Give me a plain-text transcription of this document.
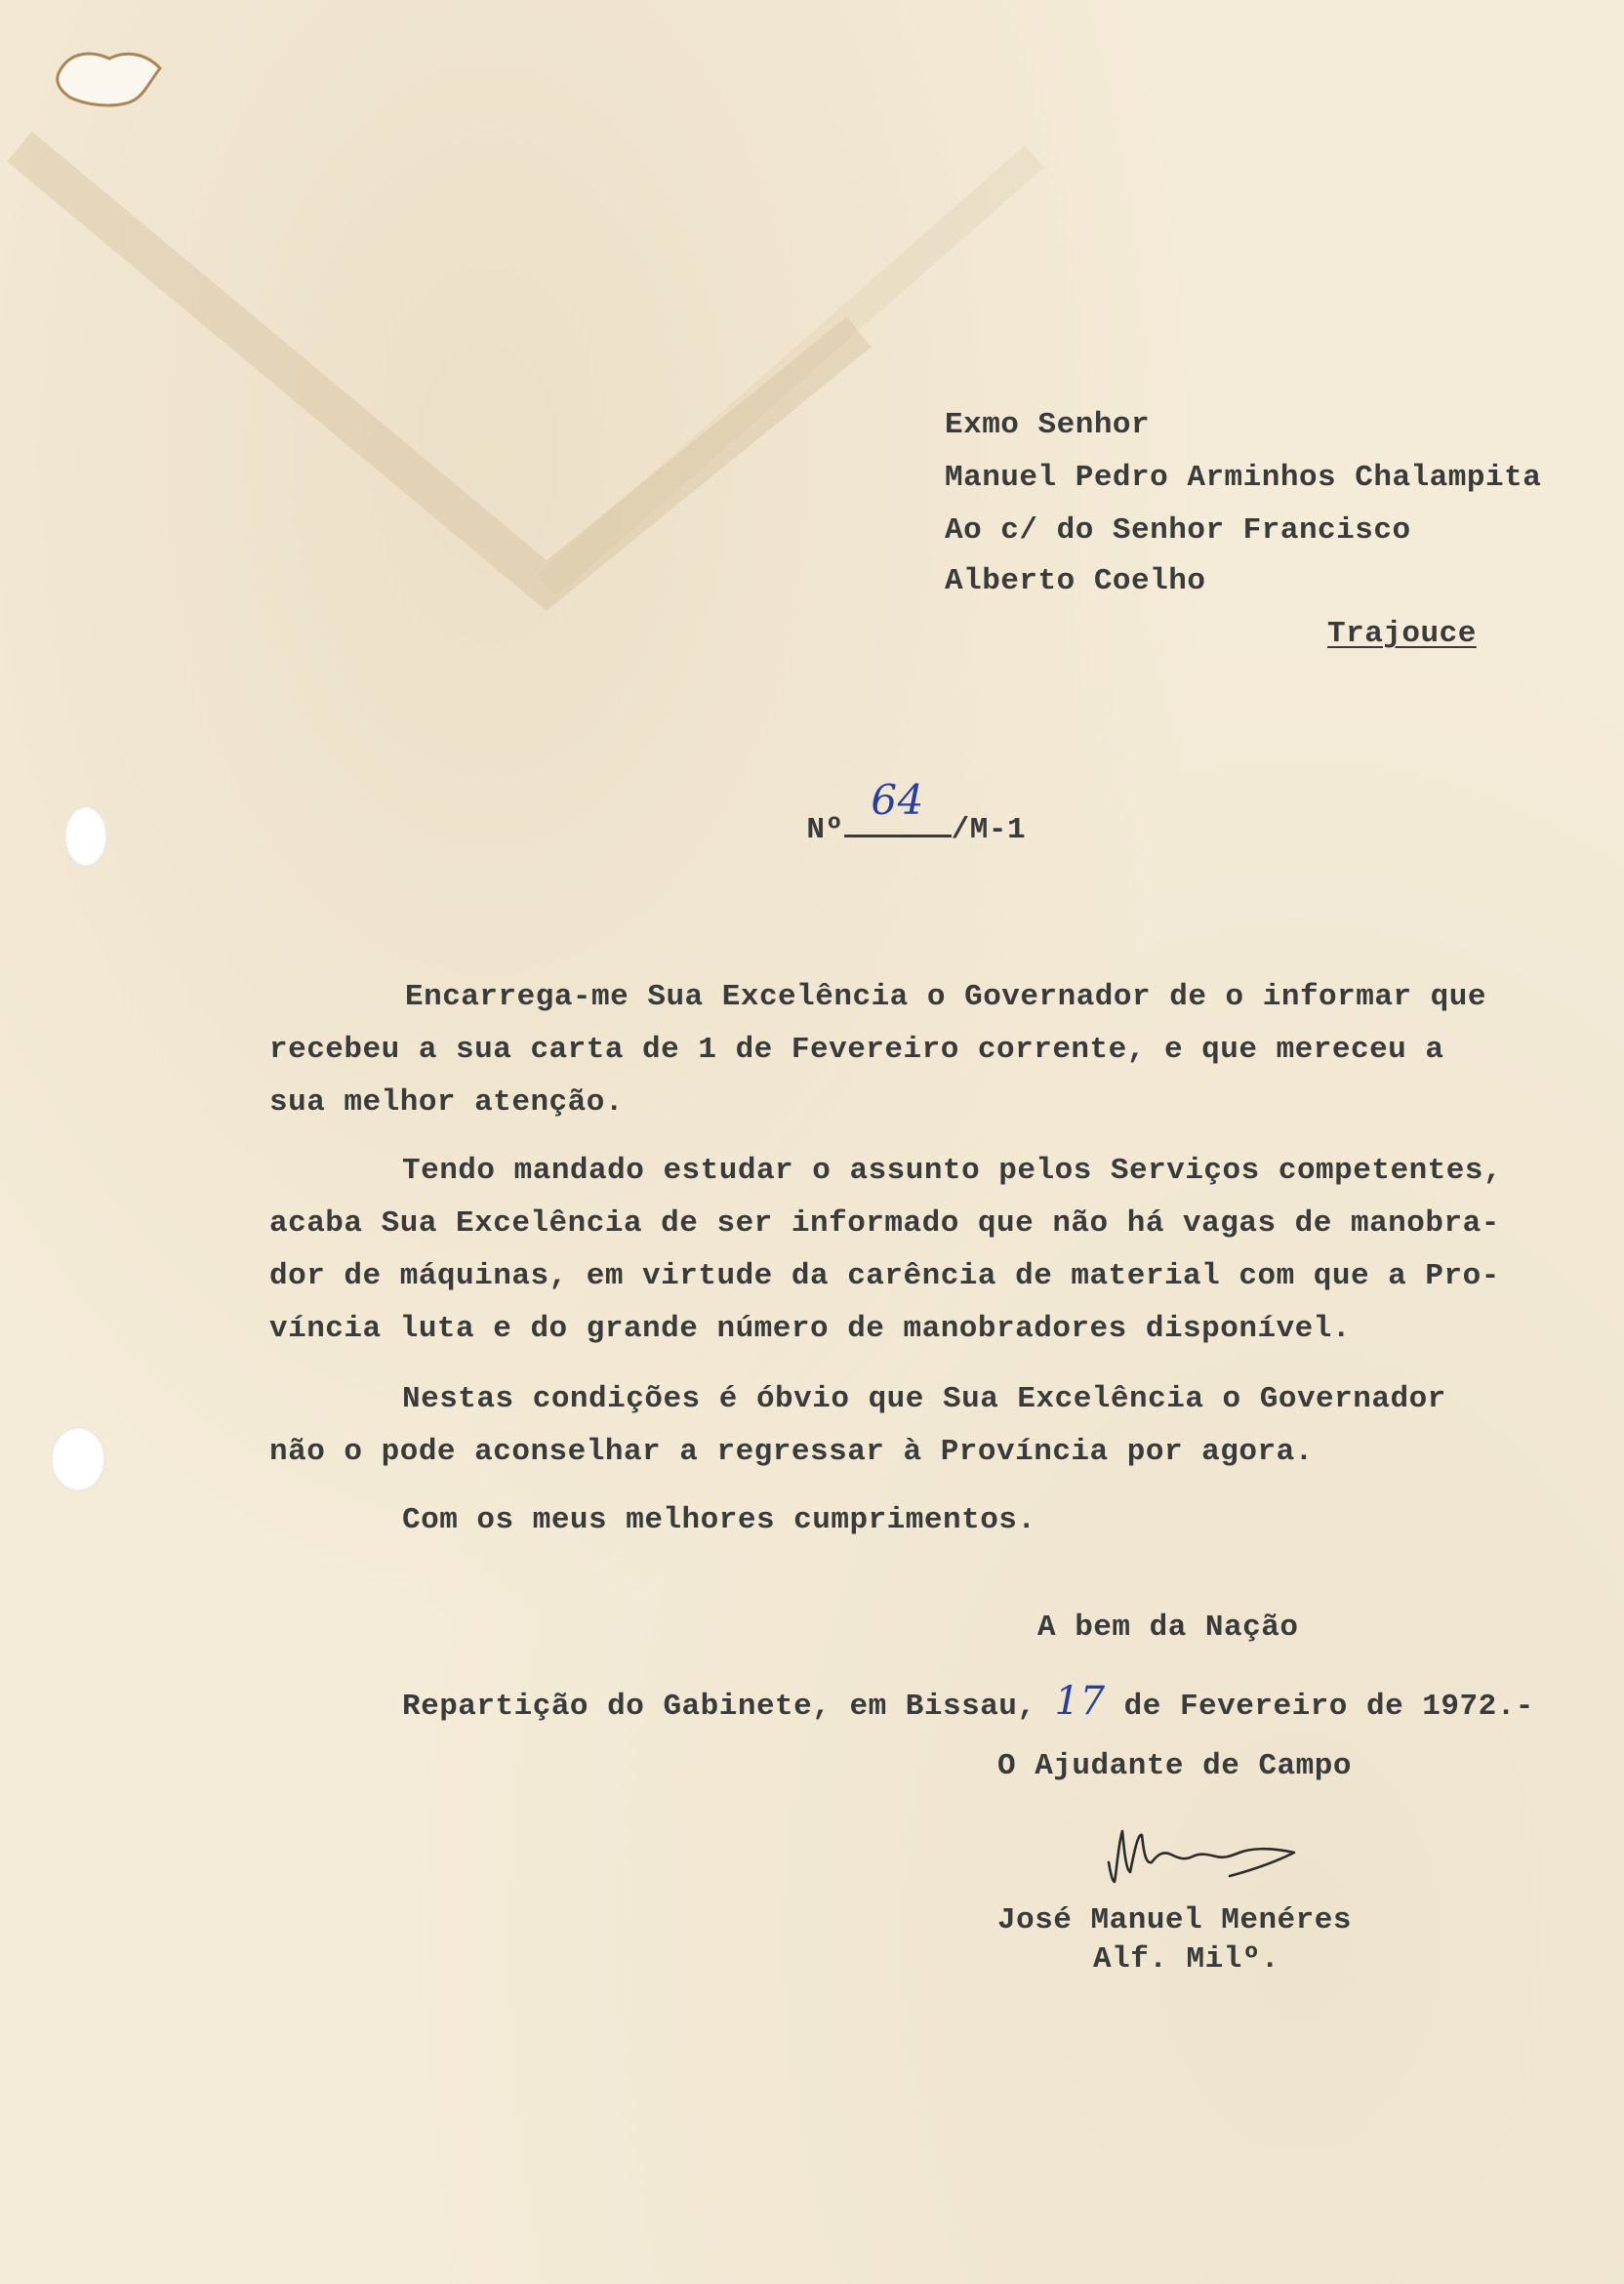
Exmo Senhor

Manuel Pedro Arminhos Chalampita

Ao c/ do Senhor Francisco

Alberto Coelho

Trajouce

Nº
64
/M-1

Encarrega-me Sua Excelência o Governador de o informar que

recebeu a sua carta de 1 de Fevereiro corrente, e que mereceu a

sua melhor atenção.

Tendo mandado estudar o assunto pelos Serviços competentes,

acaba Sua Excelência de ser informado que não há vagas de manobra-

dor de máquinas, em virtude da carência de material com que a Pro-

víncia luta e do grande número de manobradores disponível.

Nestas condições é óbvio que Sua Excelência o Governador

não o pode aconselhar a regressar à Província por agora.

Com os meus melhores cumprimentos.

A bem da Nação

Repartição do Gabinete, em Bissau, 17 de Fevereiro de 1972.-

O Ajudante de Campo

José Manuel Menéres

Alf. Milº.
